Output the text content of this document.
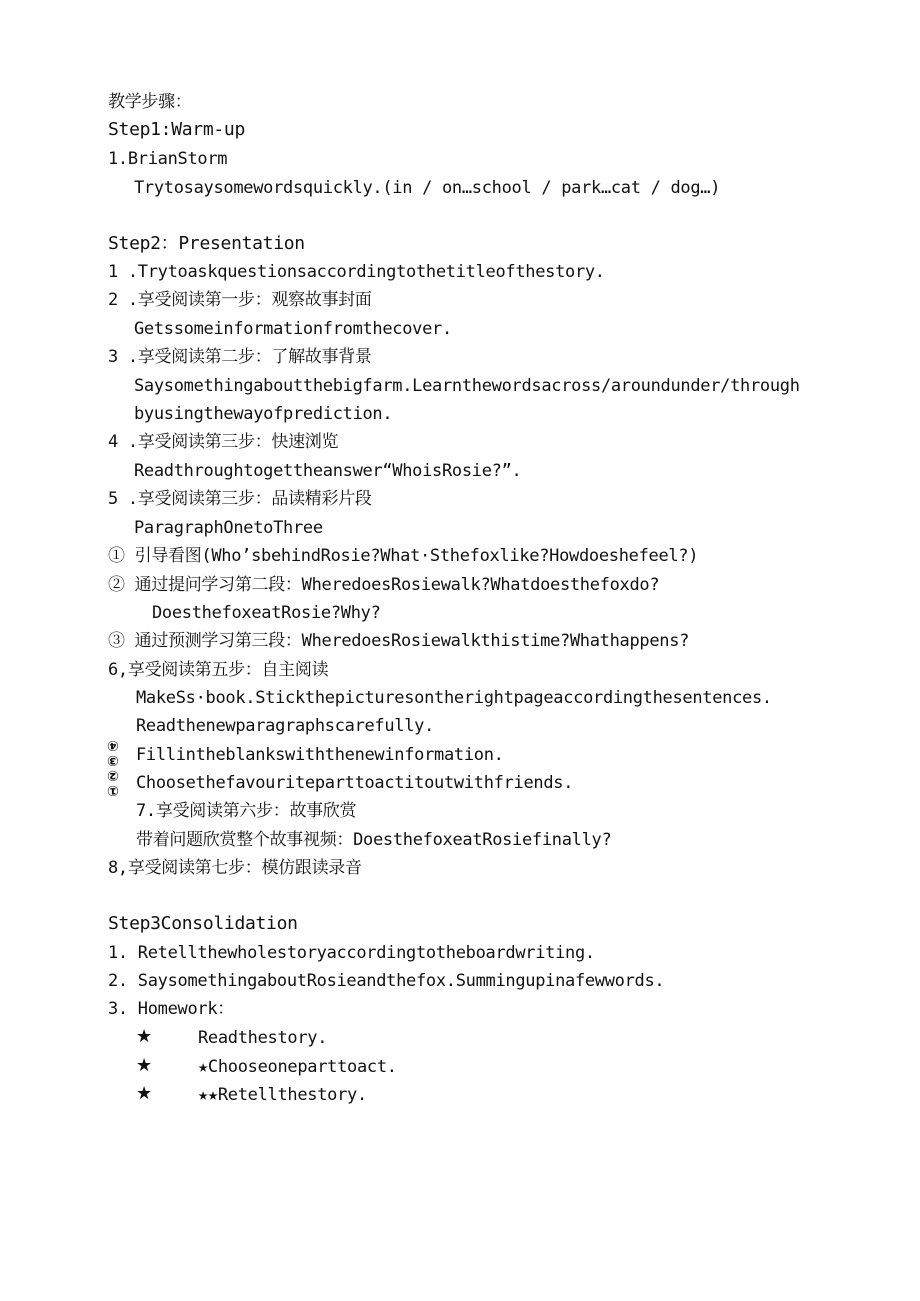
教学步骤：
Step1:Warm-up
1.BrianStorm
Trytosaysomewordsquickly.(in / on…school / park…cat / dog…)
Step2：Presentation
1 .Trytoaskquestionsaccordingtothetitleofthestory.
2 .享受阅读第一步：观察故事封面
Getssomeinformationfromthecover.
3 .享受阅读第二步：了解故事背景
Saysomethingaboutthebigfarm.Learnthewordsacross/aroundunder/through
byusingthewayofprediction.
4 .享受阅读第三步：快速浏览
Readthroughtogettheanswer“WhoisRosie?”.
5 .享受阅读第三步：品读精彩片段
ParagraphOnetoThree
① 引导看图(Who’sbehindRosie?What·Sthefoxlike?Howdoeshefeel?)
② 通过提问学习第二段：WheredoesRosiewalk?Whatdoesthefoxdo?
DoesthefoxeatRosie?Why?
③ 通过预测学习第三段：WheredoesRosiewalkthistime?Whathappens?
6,享受阅读第五步：自主阅读
MakeSs·book.Stickthepicturesontherightpageaccordingthesentences.
①②③④
Readthenewparagraphscarefully.
Fillintheblankswiththenewinformation.
Choosethefavouriteparttoactitoutwithfriends.
7.享受阅读第六步：故事欣赏
带着问题欣赏整个故事视频：DoesthefoxeatRosiefinally?
8,享受阅读第七步：模仿跟读录音
Step3Consolidation
1. Retellthewholestoryaccordingtotheboardwriting.
2. SaysomethingaboutRosieandthefox.Summingupinafewwords.
3. Homework：
★	Readthestory.
★	★Chooseoneparttoact.
★	★★Retellthestory.
